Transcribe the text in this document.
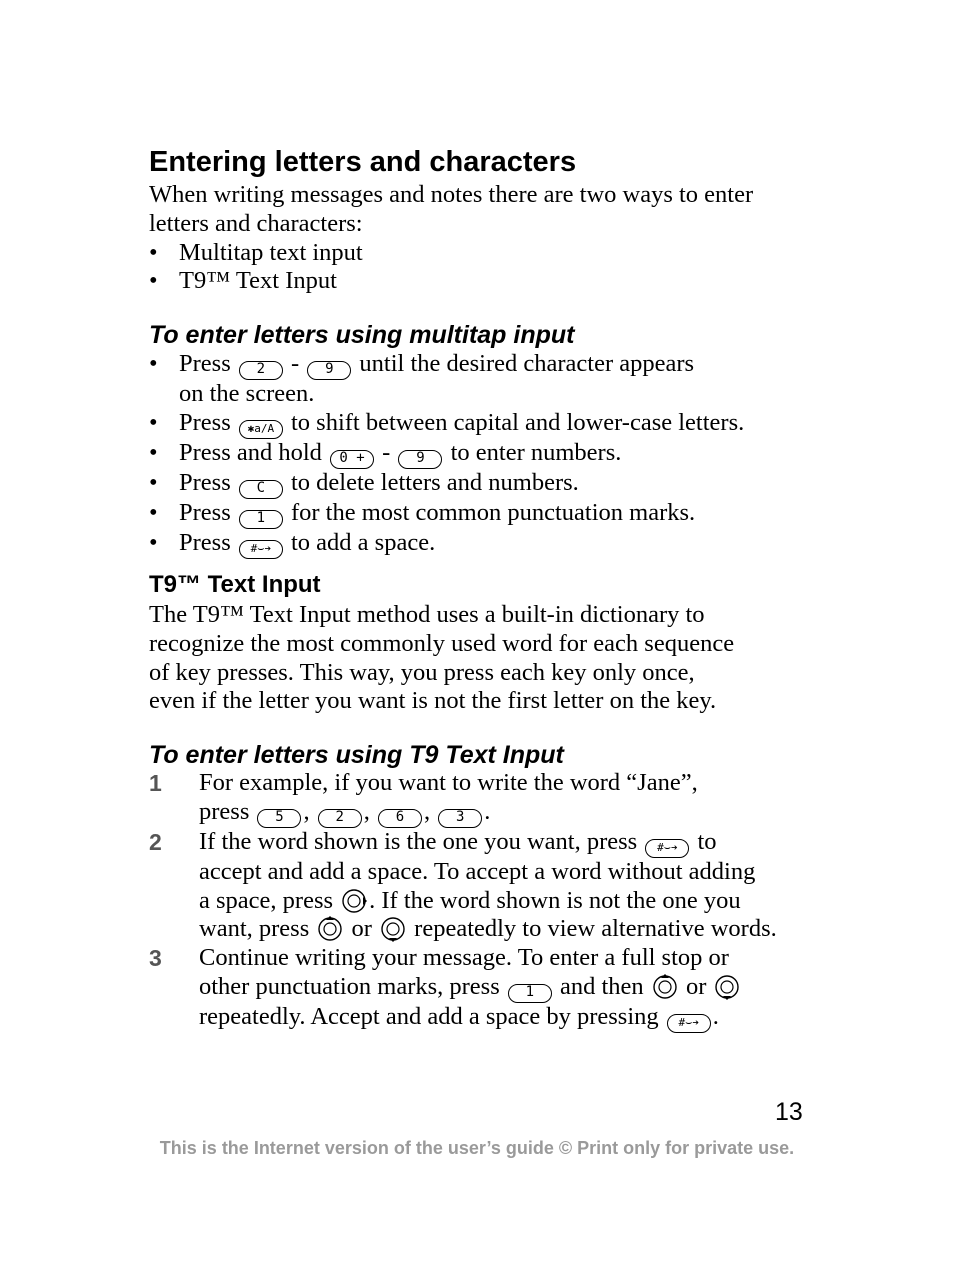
Entering letters and characters
When writing messages and notes there are two ways to enter
letters and characters:
• Multitap text input
• T9™ Text Input
To enter letters using multitap input
• Press 2 - 9 until the desired character appears
on the screen.
• Press ✱a/A to shift between capital and lower-case letters.
• Press and hold 0 + - 9 to enter numbers.
• Press C to delete letters and numbers.
• Press 1 for the most common punctuation marks.
• Press #⌣➔ to add a space.
T9™ Text Input
The T9™ Text Input method uses a built-in dictionary to
recognize the most commonly used word for each sequence
of key presses. This way, you press each key only once,
even if the letter you want is not the first letter on the key.
To enter letters using T9 Text Input
1 For example, if you want to write the word “Jane”,
press 5 , 2 , 6 , 3 .
2 If the word shown is the one you want, press #⌣➔ to
accept and add a space. To accept a word without adding
a space, press . If the word shown is not the one you
want, press  or  repeatedly to view alternative words.
3 Continue writing your message. To enter a full stop or
other punctuation marks, press 1 and then  or
repeatedly. Accept and add a space by pressing #⌣➔ .
13
This is the Internet version of the user’s guide © Print only for private use.
